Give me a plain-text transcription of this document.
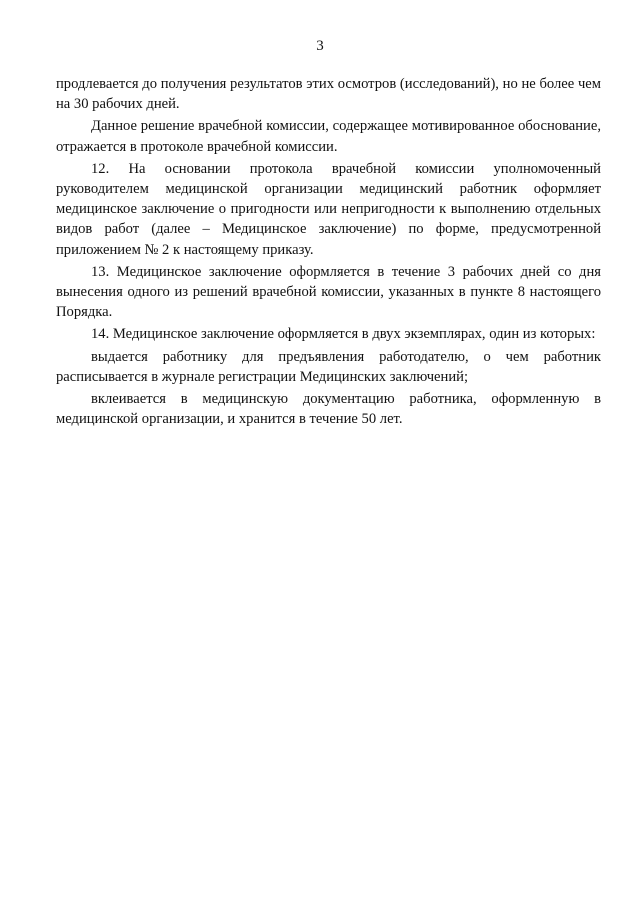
3

продлевается до получения результатов этих осмотров (исследований), но не более чем на 30 рабочих дней.

Данное решение врачебной комиссии, содержащее мотивированное обоснование, отражается в протоколе врачебной комиссии.

12. На основании протокола врачебной комиссии уполномоченный руководителем медицинской организации медицинский работник оформляет медицинское заключение о пригодности или непригодности к выполнению отдельных видов работ (далее – Медицинское заключение) по форме, предусмотренной приложением № 2 к настоящему приказу.

13. Медицинское заключение оформляется в течение 3 рабочих дней со дня вынесения одного из решений врачебной комиссии, указанных в пункте 8 настоящего Порядка.

14. Медицинское заключение оформляется в двух экземплярах, один из которых:

выдается работнику для предъявления работодателю, о чем работник расписывается в журнале регистрации Медицинских заключений;

вклеивается в медицинскую документацию работника, оформленную в медицинской организации, и хранится в течение 50 лет.
